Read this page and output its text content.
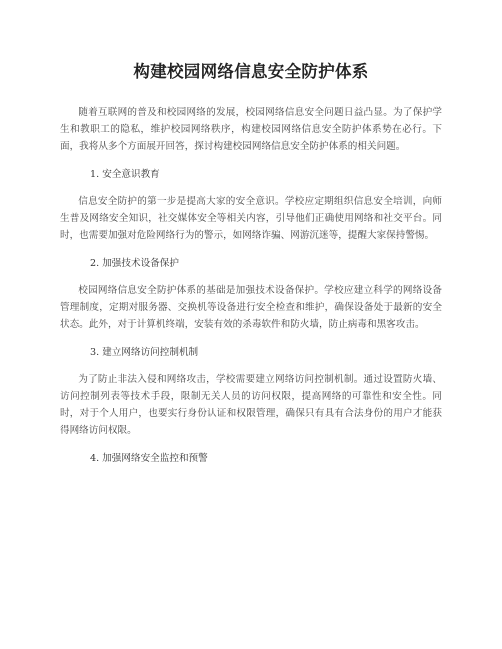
构建校园网络信息安全防护体系

随着互联网的普及和校园网络的发展，校园网络信息安全问题日益凸显。为了保护学生和教职工的隐私，维护校园网络秩序，构建校园网络信息安全防护体系势在必行。下面，我将从多个方面展开回答，探讨构建校园网络信息安全防护体系的相关问题。

1. 安全意识教育

信息安全防护的第一步是提高大家的安全意识。学校应定期组织信息安全培训，向师生普及网络安全知识，社交媒体安全等相关内容，引导他们正确使用网络和社交平台。同时，也需要加强对危险网络行为的警示，如网络诈骗、网游沉迷等，提醒大家保持警惕。

2. 加强技术设备保护

校园网络信息安全防护体系的基础是加强技术设备保护。学校应建立科学的网络设备管理制度，定期对服务器、交换机等设备进行安全检查和维护，确保设备处于最新的安全状态。此外，对于计算机终端，安装有效的杀毒软件和防火墙，防止病毒和黑客攻击。

3. 建立网络访问控制机制

为了防止非法入侵和网络攻击，学校需要建立网络访问控制机制。通过设置防火墙、访问控制列表等技术手段，限制无关人员的访问权限，提高网络的可靠性和安全性。同时，对于个人用户，也要实行身份认证和权限管理，确保只有具有合法身份的用户才能获得网络访问权限。

4. 加强网络安全监控和预警
